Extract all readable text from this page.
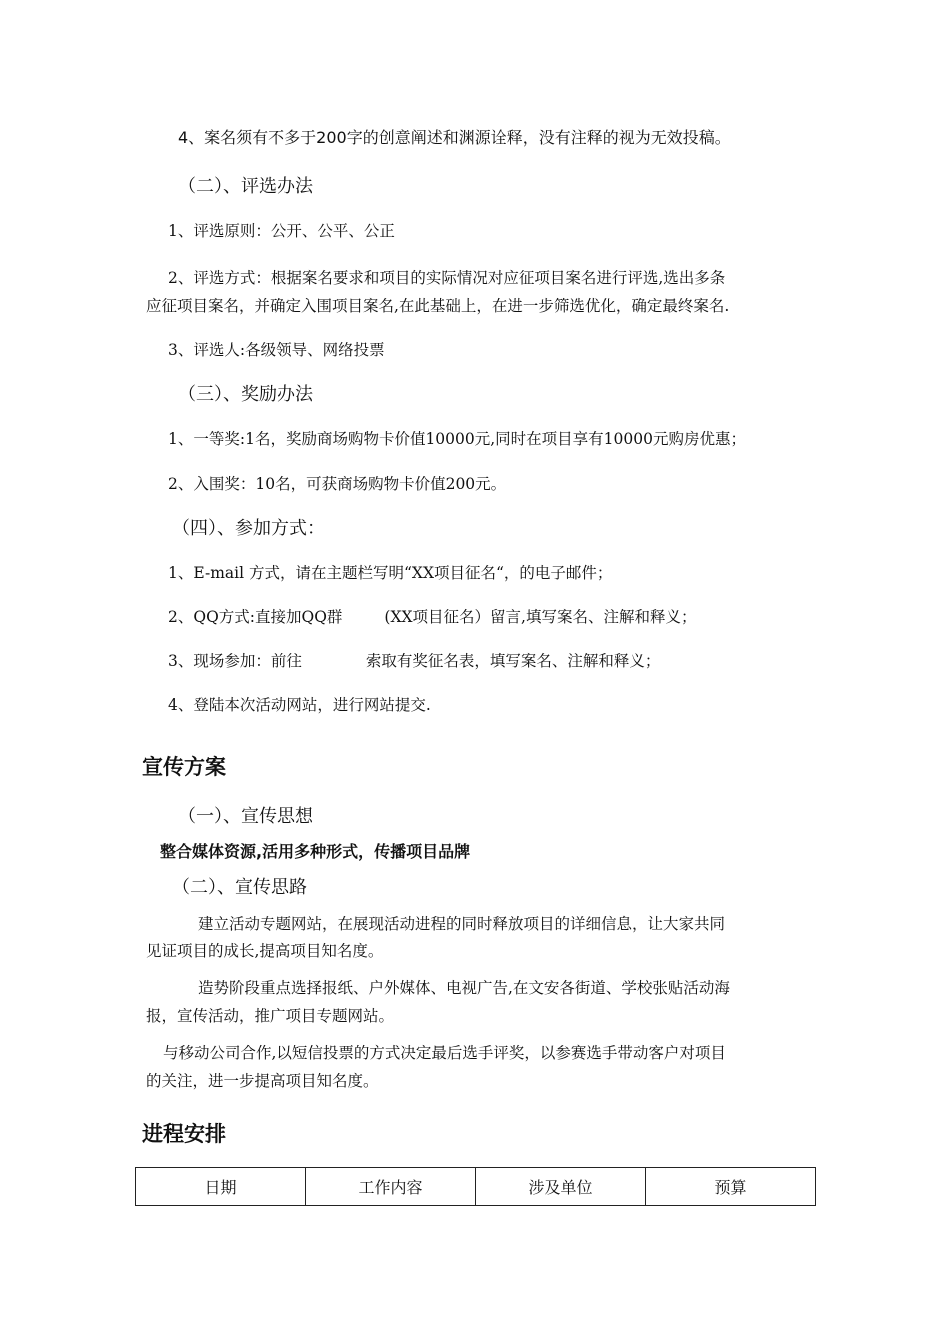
4、案名须有不多于200字的创意阐述和渊源诠释，没有注释的视为无效投稿。
（二）、评选办法
1、评选原则：公开、公平、公正
2、评选方式：根据案名要求和项目的实际情况对应征项目案名进行评选,选出多条
应征项目案名，并确定入围项目案名,在此基础上，在进一步筛选优化，确定最终案名.
3、评选人:各级领导、网络投票
（三）、奖励办法
1、一等奖:1名，奖励商场购物卡价值10000元,同时在项目享有10000元购房优惠；
2、入围奖：10名，可获商场购物卡价值200元。
（四）、参加方式：
1、E-mail 方式，请在主题栏写明“XX项目征名“，的电子邮件；
2、QQ方式:直接加QQ群	(XX项目征名）留言,填写案名、注解和释义；
3、现场参加：前往	索取有奖征名表，填写案名、注解和释义；
4、登陆本次活动网站，进行网站提交.
宣传方案
（一）、宣传思想
整合媒体资源,活用多种形式，传播项目品牌
（二）、宣传思路
建立活动专题网站，在展现活动进程的同时释放项目的详细信息，让大家共同
见证项目的成长,提高项目知名度。
造势阶段重点选择报纸、户外媒体、电视广告,在文安各街道、学校张贴活动海
报，宣传活动，推广项目专题网站。
与移动公司合作,以短信投票的方式决定最后选手评奖，以参赛选手带动客户对项目
的关注，进一步提高项目知名度。
进程安排
日期	工作内容	涉及单位	预算
